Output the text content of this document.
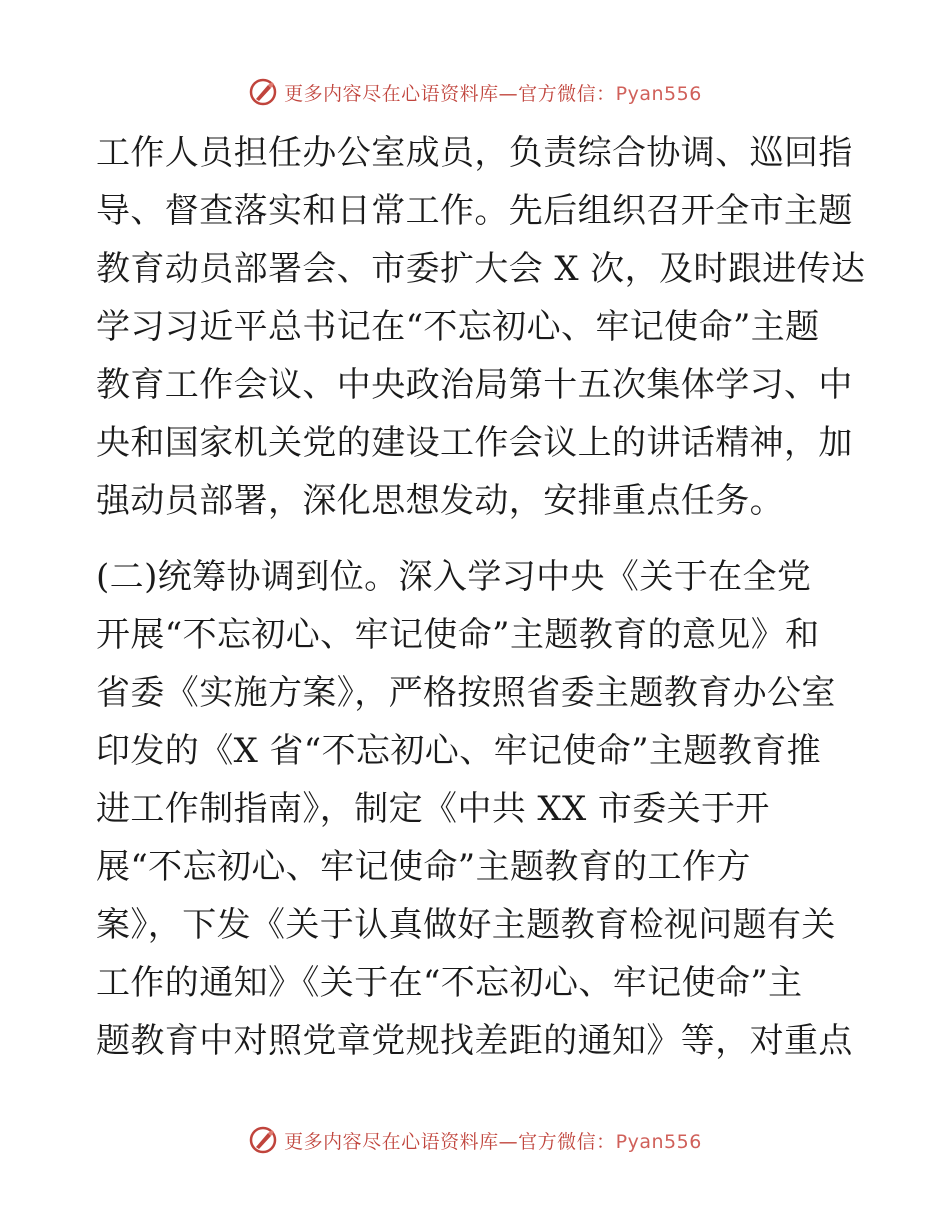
更多内容尽在心语资料库—官方微信：Pyan556
工作人员担任办公室成员，负责综合协调、巡回指
导、督查落实和日常工作。先后组织召开全市主题
教育动员部署会、市委扩大会 X 次，及时跟进传达
学习习近平总书记在“不忘初心、牢记使命”主题
教育工作会议、中央政治局第十五次集体学习、中
央和国家机关党的建设工作会议上的讲话精神，加
强动员部署，深化思想发动，安排重点任务。
(二)统筹协调到位。深入学习中央《关于在全党
开展“不忘初心、牢记使命”主题教育的意见》和
省委《实施方案》，严格按照省委主题教育办公室
印发的《X 省“不忘初心、牢记使命”主题教育推
进工作制指南》，制定《中共 XX 市委关于开
展“不忘初心、牢记使命”主题教育的工作方
案》，下发《关于认真做好主题教育检视问题有关
工作的通知》《关于在“不忘初心、牢记使命”主
题教育中对照党章党规找差距的通知》等，对重点
更多内容尽在心语资料库—官方微信：Pyan556
